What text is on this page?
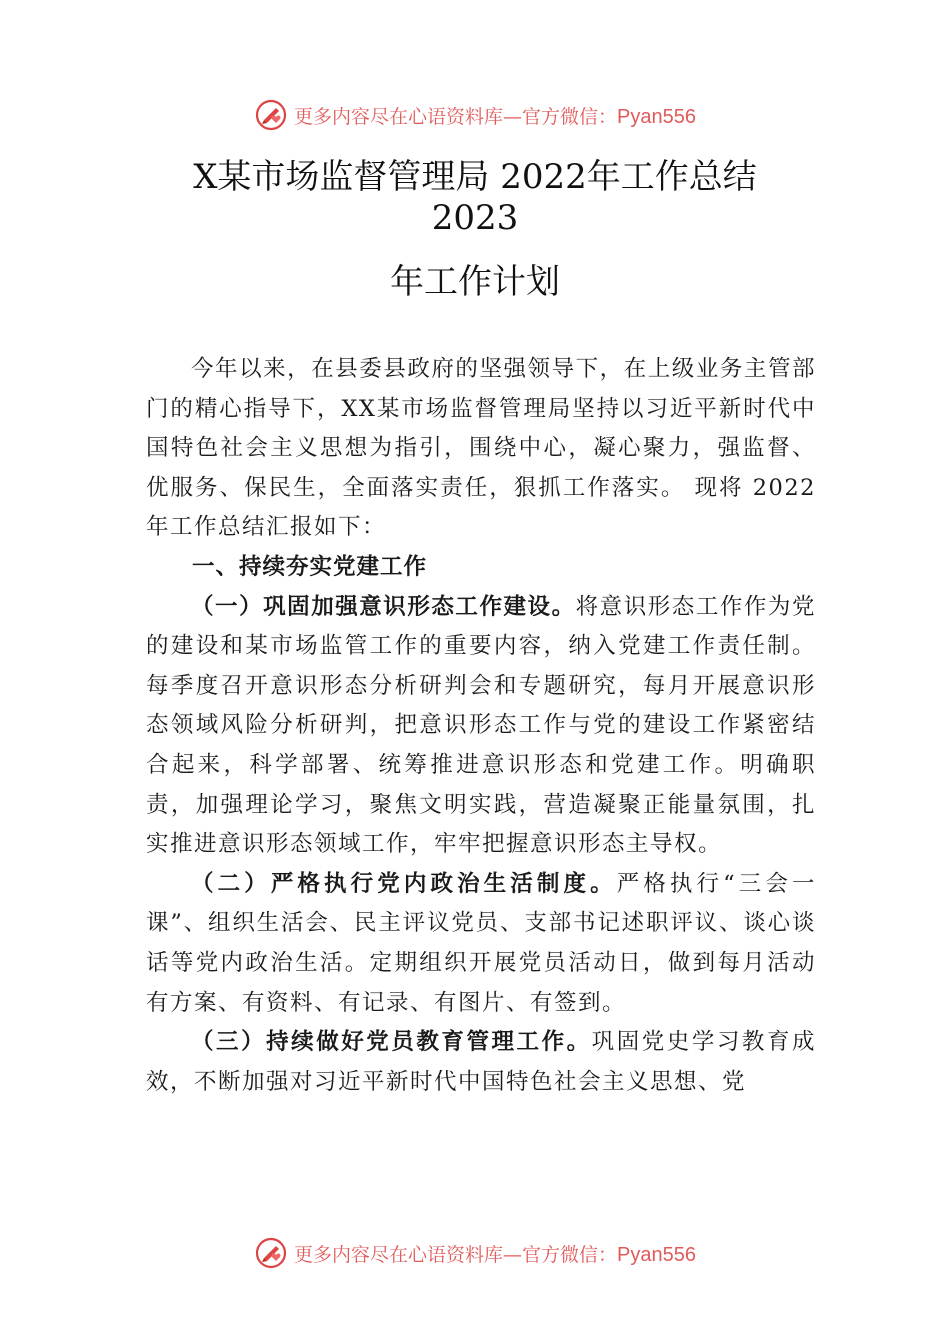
更多内容尽在心语资料库—官方微信：Pyan556
X某市场监督管理局 2022年工作总结
2023
年工作计划

今年以来，在县委县政府的坚强领导下，在上级业务主管部门的精心指导下，XX某市场监督管理局坚持以习近平新时代中国特色社会主义思想为指引，围绕中心，凝心聚力，强监督、优服务、保民生，全面落实责任，狠抓工作落实。 现将 2022 年工作总结汇报如下：

一、持续夯实党建工作

（一）巩固加强意识形态工作建设。将意识形态工作作为党的建设和某市场监管工作的重要内容，纳入党建工作责任制。每季度召开意识形态分析研判会和专题研究，每月开展意识形态领域风险分析研判，把意识形态工作与党的建设工作紧密结合起来，科学部署、统筹推进意识形态和党建工作。明确职责，加强理论学习，聚焦文明实践，营造凝聚正能量氛围，扎实推进意识形态领域工作，牢牢把握意识形态主导权。

（二）严格执行党内政治生活制度。严格执行“三会一课”、组织生活会、民主评议党员、支部书记述职评议、谈心谈话等党内政治生活。定期组织开展党员活动日，做到每月活动有方案、有资料、有记录、有图片、有签到。

（三）持续做好党员教育管理工作。巩固党史学习教育成效，不断加强对习近平新时代中国特色社会主义思想、党

更多内容尽在心语资料库—官方微信：Pyan556
